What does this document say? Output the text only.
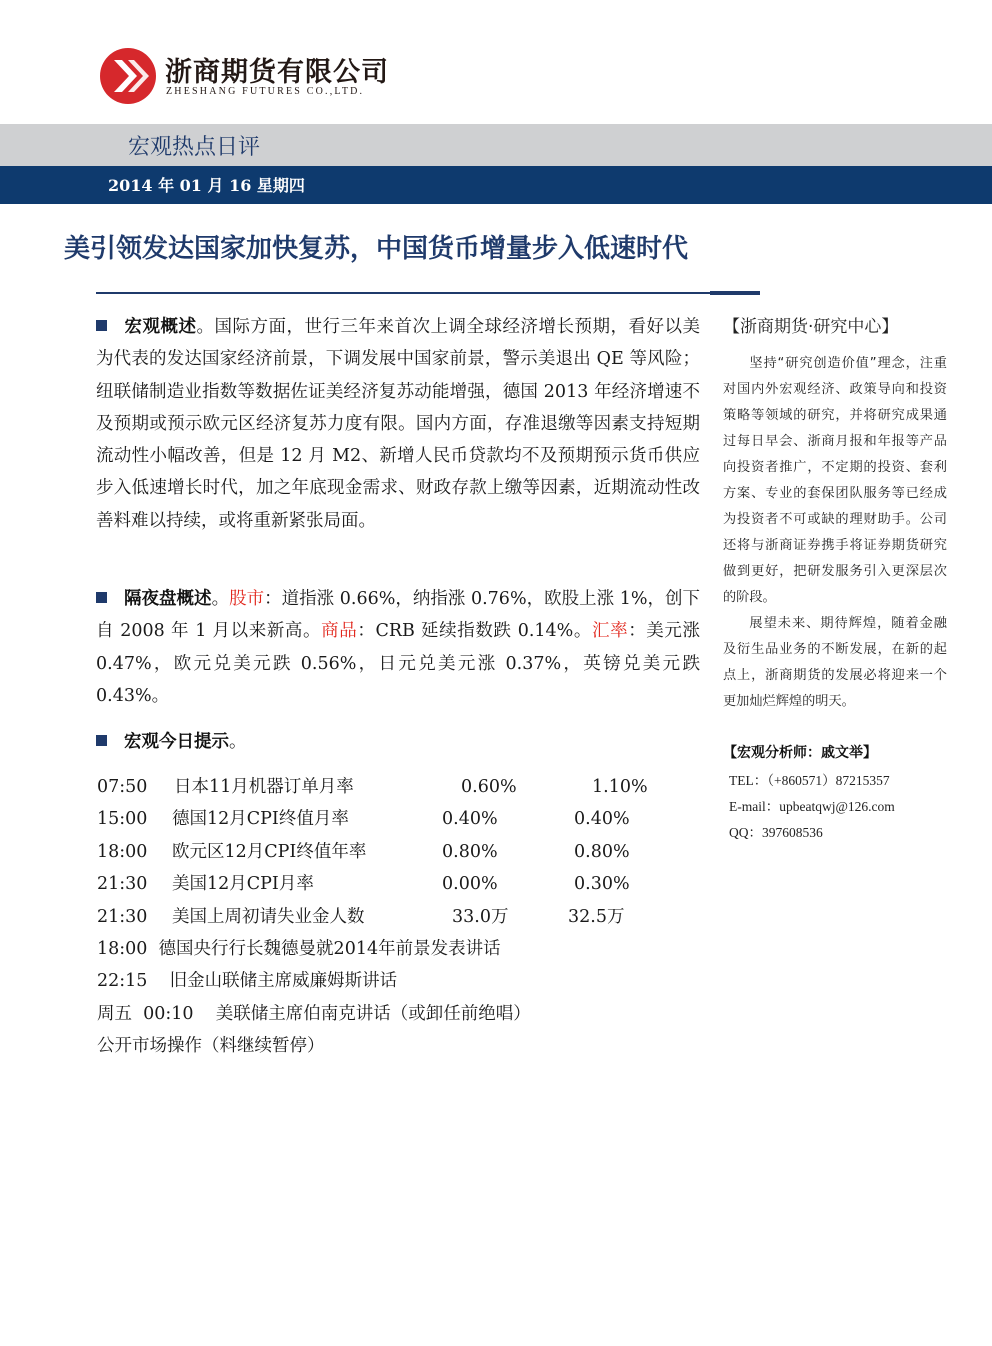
浙商期货有限公司
ZHESHANG FUTURES CO.,LTD.
宏观热点日评
2014 年 01 月 16 星期四
美引领发达国家加快复苏，中国货币增量步入低速时代

宏观概述。国际方面，世行三年来首次上调全球经济增长预期，看好以美为代表的发达国家经济前景，下调发展中国家前景，警示美退出 QE 等风险；纽联储制造业指数等数据佐证美经济复苏动能增强，德国 2013 年经济增速不及预期或预示欧元区经济复苏力度有限。国内方面，存准退缴等因素支持短期流动性小幅改善，但是 12 月 M2、新增人民币贷款均不及预期预示货币供应步入低速增长时代，加之年底现金需求、财政存款上缴等因素，近期流动性改善料难以持续，或将重新紧张局面。

隔夜盘概述。股市：道指涨 0.66%，纳指涨 0.76%，欧股上涨 1%，创下自 2008 年 1 月以来新高。商品：CRB 延续指数跌 0.14%。汇率：美元涨 0.47%，欧元兑美元跌 0.56%，日元兑美元涨 0.37%，英镑兑美元跌 0.43%。

宏观今日提示。
07:50 日本11月机器订单月率	0.60%	1.10%
15:00 德国12月CPI终值月率	0.40%	0.40%
18:00 欧元区12月CPI终值年率	0.80%	0.80%
21:30 美国12月CPI月率	0.00%	0.30%
21:30 美国上周初请失业金人数	33.0万	32.5万
18:00  德国央行行长魏德曼就2014年前景发表讲话
22:15    旧金山联储主席威廉姆斯讲话
周五  00:10    美联储主席伯南克讲话（或卸任前绝唱）
公开市场操作（料继续暂停）
【浙商期货·研究中心】

坚持“研究创造价值”理念，注重对国内外宏观经济、政策导向和投资策略等领域的研究，并将研究成果通过每日早会、浙商月报和年报等产品向投资者推广，不定期的投资、套利方案、专业的套保团队服务等已经成为投资者不可或缺的理财助手。公司还将与浙商证券携手将证券期货研究做到更好，把研发服务引入更深层次的阶段。

展望未来、期待辉煌，随着金融及衍生品业务的不断发展，在新的起点上，浙商期货的发展必将迎来一个更加灿烂辉煌的明天。

【宏观分析师：戚文举】
TEL：（+860571）87215357
E-mail：upbeatqwj@126.com
QQ：397608536
